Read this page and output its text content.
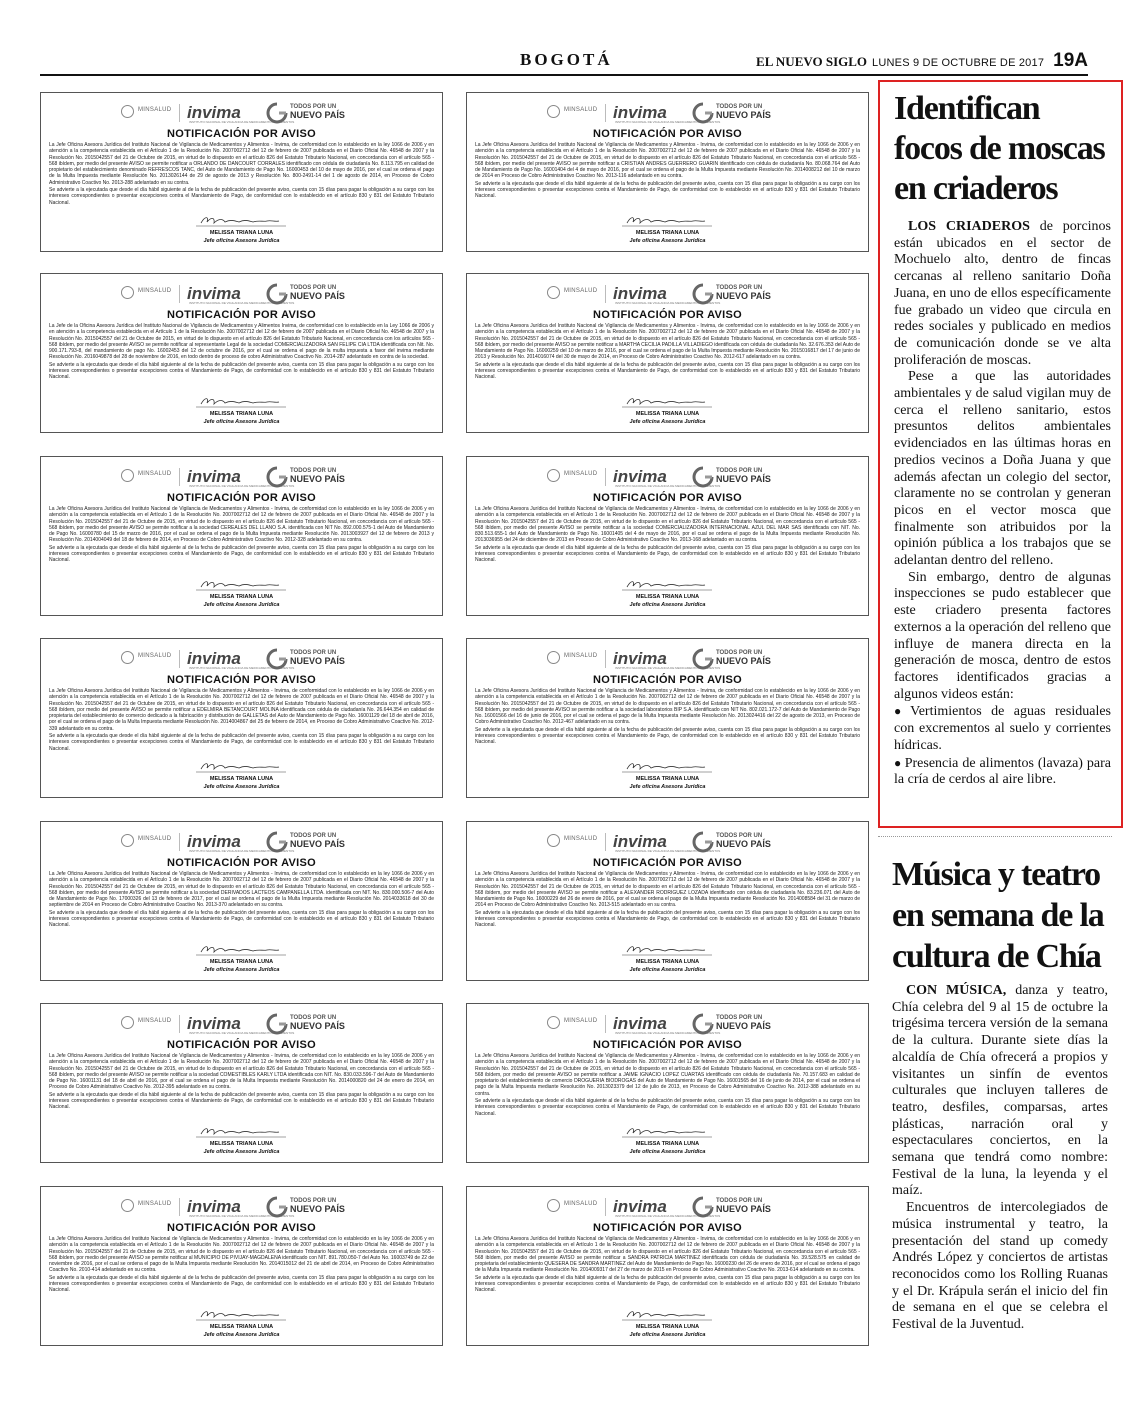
BOGOTÁ	EL NUEVO SIGLO LUNES 9 DE OCTUBRE DE 2017 19A
MINSALUD invima
INSTITUTO NACIONAL DE VIGILANCIA DE MEDICAMENTOS Y ALIMENTOS
TODOS POR UN
NUEVO PAÍS
NOTIFICACIÓN POR AVISO

La Jefe Oficina Asesora Jurídica del Instituto Nacional de Vigilancia de Medicamentos y Alimentos - Invima, de conformidad con lo establecido en la ley 1066 de 2006 y en atención a la competencia establecida en el Artículo 1 de la Resolución No. 2007002712 del 12 de febrero de 2007 publicada en el Diario Oficial No. 46548 de 2007 y la Resolución No. 2015042557 del 21 de Octubre de 2015, en virtud de lo dispuesto en el artículo 826 del Estatuto Tributario Nacional, en concordancia con el artículo 565 - 568 ibídem, por medio del presente AVISO se permite notificar a ORLANDO DE DANCOURT CORRALES identificado con cédula de ciudadanía No. 8.113.795 en calidad de propietario del establecimiento denominado REFRESCOS TANC, del Auto de Mandamiento de Pago No. 16000453 del 10 de mayo de 2016, por el cual se ordena el pago de la Multa Impuesta mediante Resolución No. 2013026144 de 29 de agosto de 2013 y Resolución No. 800-2491-14 del 1 de agosto de 2014, en Proceso de Cobro Administrativo Coactivo No. 2013-288 adelantado en su contra.

Se advierte a la ejecutada que desde el día hábil siguiente al de la fecha de publicación del presente aviso, cuenta con 15 días para pagar la obligación a su cargo con los intereses correspondientes o presentar excepciones contra el Mandamiento de Pago, de conformidad con lo establecido en el artículo 830 y 831 del Estatuto Tributario Nacional.

MELISSA TRIANA LUNA
Jefe oficina Asesora Jurídica
MINSALUD invima
INSTITUTO NACIONAL DE VIGILANCIA DE MEDICAMENTOS Y ALIMENTOS
TODOS POR UN
NUEVO PAÍS
NOTIFICACIÓN POR AVISO

La Jefe Oficina Asesora Jurídica del Instituto Nacional de Vigilancia de Medicamentos y Alimentos - Invima, de conformidad con lo establecido en la ley 1066 de 2006 y en atención a la competencia establecida en el Artículo 1 de la Resolución No. 2007002712 del 12 de febrero de 2007 publicada en el Diario Oficial No. 46548 de 2007 y la Resolución No. 2015042557 del 21 de Octubre de 2015, en virtud de lo dispuesto en el artículo 826 del Estatuto Tributario Nacional, en concordancia con el artículo 565 - 568 ibídem, por medio del presente AVISO se permite notificar a CRISTIAN ANDRES GUERRERO GUARIN identificado con cédula de ciudadanía No. 80.068.764 del Auto de Mandamiento de Pago No. 16001404 del 4 de mayo de 2016, por el cual se ordena el pago de la Multa Impuesta mediante Resolución No. 2014008212 del 10 de marzo de 2014 en Proceso de Cobro Administrativo Coactivo No. 2013-116 adelantado en su contra.

Se advierte a la ejecutada que desde el día hábil siguiente al de la fecha de publicación del presente aviso, cuenta con 15 días para pagar la obligación a su cargo con los intereses correspondientes o presentar excepciones contra el Mandamiento de Pago, de conformidad con lo establecido en el artículo 830 y 831 del Estatuto Tributario Nacional.

MELISSA TRIANA LUNA
Jefe oficina Asesora Jurídica
MINSALUD invima
INSTITUTO NACIONAL DE VIGILANCIA DE MEDICAMENTOS Y ALIMENTOS
TODOS POR UN
NUEVO PAÍS
NOTIFICACIÓN POR AVISO

La Jefe de la Oficina Asesora Jurídica del Instituto Nacional de Vigilancia de Medicamentos y Alimentos Invima, de conformidad con lo establecido en la Ley 1066 de 2006 y en atención a la competencia establecida en el Artículo 1 de la Resolución No. 2007002712 del 12 de febrero de 2007 publicada en el Diario Oficial No. 46548 de 2007 y la Resolución No. 2015042557 del 21 de Octubre de 2015, en virtud de lo dispuesto en el artículo 826 del Estatuto Tributario Nacional, en concordancia con los artículos 565 - 568 ibídem, por medio del presente AVISO se permite notificar al representante Legal de la sociedad COMERCIALIZADORA SAN FELIPE CIA LTDA identificada con Nit. No. 900.171.793-8, del mandamiento de pago No. 16002453 del 12 de octubre de 2016, por el cual se ordena el pago de la multa impuesta a favor del invima mediante Resolución No. 2016049878 del 28 de noviembre de 2016, en todo dentro de proceso de cobro Administrativo Coactivo No. 2014-287 adelantado en contra de la sociedad.

Se advierte a la ejecutada que desde el día hábil siguiente al de la fecha de publicación del presente aviso, cuenta con 15 días para pagar la obligación a su cargo con los intereses correspondientes o presentar excepciones contra el Mandamiento de Pago, de conformidad con lo establecido en el artículo 830 y 831 del Estatuto Tributario Nacional.

MELISSA TRIANA LUNA
Jefe oficina Asesora Jurídica
MINSALUD invima
INSTITUTO NACIONAL DE VIGILANCIA DE MEDICAMENTOS Y ALIMENTOS
TODOS POR UN
NUEVO PAÍS
NOTIFICACIÓN POR AVISO

La Jefe Oficina Asesora Jurídica del Instituto Nacional de Vigilancia de Medicamentos y Alimentos - Invima, de conformidad con lo establecido en la ley 1066 de 2006 y en atención a la competencia establecida en el Artículo 1 de la Resolución No. 2007002712 del 12 de febrero de 2007 publicada en el Diario Oficial No. 46548 de 2007 y la Resolución No. 2015042557 del 21 de Octubre de 2015, en virtud de lo dispuesto en el artículo 826 del Estatuto Tributario Nacional, en concordancia con el artículo 565 - 568 ibídem, por medio del presente AVISO se permite notificar a MARTHA CECILIA PADILLA VILLADIEGO identificada con cédula de ciudadanía No. 32.676.353 del Auto de Mandamiento de Pago No. 16000259 del 10 de marzo de 2016, por el cual se ordena el pago de la Multa Impuesta mediante Resolución No. 2015016817 del 17 de junio de 2013 y Resolución No. 2014016074 del 30 de mayo de 2014, en Proceso de Cobro Administrativo Coactivo No. 2012-617 adelantado en su contra.

Se advierte a la ejecutada que desde el día hábil siguiente al de la fecha de publicación del presente aviso, cuenta con 15 días para pagar la obligación a su cargo con los intereses correspondientes o presentar excepciones contra el Mandamiento de Pago, de conformidad con lo establecido en el artículo 830 y 831 del Estatuto Tributario Nacional.

MELISSA TRIANA LUNA
Jefe oficina Asesora Jurídica
MINSALUD invima
INSTITUTO NACIONAL DE VIGILANCIA DE MEDICAMENTOS Y ALIMENTOS
TODOS POR UN
NUEVO PAÍS
NOTIFICACIÓN POR AVISO

La Jefe Oficina Asesora Jurídica del Instituto Nacional de Vigilancia de Medicamentos y Alimentos - Invima, de conformidad con lo establecido en la ley 1066 de 2006 y en atención a la competencia establecida en el Artículo 1 de la Resolución No. 2007002712 del 12 de febrero de 2007 publicada en el Diario Oficial No. 46548 de 2007 y la Resolución No. 2015042557 del 21 de Octubre de 2015, en virtud de lo dispuesto en el artículo 826 del Estatuto Tributario Nacional, en concordancia con el artículo 565 - 568 ibídem, por medio del presente AVISO se permite notificar a la sociedad CEREALES DEL LLANO S.A. identificada con NIT No. 892.000.575-1 del Auto de Mandamiento de Pago No. 16000780 del 15 de marzo de 2016, por el cual se ordena el pago de la Multa Impuesta mediante Resolución No. 2013003927 del 12 de febrero de 2013 y Resolución No. 2014004049 del 18 de febrero de 2014, en Proceso de Cobro Administrativo Coactivo No. 2012-328 adelantado en su contra.

Se advierte a la ejecutada que desde el día hábil siguiente al de la fecha de publicación del presente aviso, cuenta con 15 días para pagar la obligación a su cargo con los intereses correspondientes o presentar excepciones contra el Mandamiento de Pago, de conformidad con lo establecido en el artículo 830 y 831 del Estatuto Tributario Nacional.

MELISSA TRIANA LUNA
Jefe oficina Asesora Jurídica
MINSALUD invima
INSTITUTO NACIONAL DE VIGILANCIA DE MEDICAMENTOS Y ALIMENTOS
TODOS POR UN
NUEVO PAÍS
NOTIFICACIÓN POR AVISO

La Jefe Oficina Asesora Jurídica del Instituto Nacional de Vigilancia de Medicamentos y Alimentos - Invima, de conformidad con lo establecido en la ley 1066 de 2006 y en atención a la competencia establecida en el Artículo 1 de la Resolución No. 2007002712 del 12 de febrero de 2007 publicada en el Diario Oficial No. 46548 de 2007 y la Resolución No. 2015042557 del 21 de Octubre de 2015, en virtud de lo dispuesto en el artículo 826 del Estatuto Tributario Nacional, en concordancia con el artículo 565 - 568 ibídem, por medio del presente AVISO se permite notificar a la sociedad COMERCIALIZADORA INTERNACIONAL AZUL DEL MAR SAS identificada con NIT. No. 830.513.655-1 del Auto de Mandamiento de Pago No. 16001405 del 4 de mayo de 2016, por el cual se ordena el pago de la Multa Impuesta mediante Resolución No. 2013036955 del 24 de diciembre de 2013 en Proceso de Cobro Administrativo Coactivo No. 2013-168 adelantado en su contra.

Se advierte a la ejecutada que desde el día hábil siguiente al de la fecha de publicación del presente aviso, cuenta con 15 días para pagar la obligación a su cargo con los intereses correspondientes o presentar excepciones contra el Mandamiento de Pago, de conformidad con lo establecido en el artículo 830 y 831 del Estatuto Tributario Nacional.

MELISSA TRIANA LUNA
Jefe oficina Asesora Jurídica
MINSALUD invima
INSTITUTO NACIONAL DE VIGILANCIA DE MEDICAMENTOS Y ALIMENTOS
TODOS POR UN
NUEVO PAÍS
NOTIFICACIÓN POR AVISO

La Jefe Oficina Asesora Jurídica del Instituto Nacional de Vigilancia de Medicamentos y Alimentos - Invima, de conformidad con lo establecido en la ley 1066 de 2006 y en atención a la competencia establecida en el Artículo 1 de la Resolución No. 2007002712 del 12 de febrero de 2007 publicada en el Diario Oficial No. 46548 de 2007 y la Resolución No. 2015042557 del 21 de Octubre de 2015, en virtud de lo dispuesto en el artículo 826 del Estatuto Tributario Nacional, en concordancia con el artículo 565 - 568 ibídem, por medio del presente AVISO se permite notificar a EDELMIRA BETANCOURT MOLINA identificada con cédula de ciudadanía No. 26.644.354 en calidad de propietaria del establecimiento de comercio dedicado a la fabricación y distribución de GALLETAS del Auto de Mandamiento de Pago No. 16001129 del 18 de abril de 2016, por el cual se ordena el pago de la Multa Impuesta mediante Resolución No. 2014004867 del 25 de febrero de 2014, en Proceso de Cobro Administrativo Coactivo No. 2012-339 adelantado en su contra.

Se advierte a la ejecutada que desde el día hábil siguiente al de la fecha de publicación del presente aviso, cuenta con 15 días para pagar la obligación a su cargo con los intereses correspondientes o presentar excepciones contra el Mandamiento de Pago, de conformidad con lo establecido en el artículo 830 y 831 del Estatuto Tributario Nacional.

MELISSA TRIANA LUNA
Jefe oficina Asesora Jurídica
MINSALUD invima
INSTITUTO NACIONAL DE VIGILANCIA DE MEDICAMENTOS Y ALIMENTOS
TODOS POR UN
NUEVO PAÍS
NOTIFICACIÓN POR AVISO

La Jefe Oficina Asesora Jurídica del Instituto Nacional de Vigilancia de Medicamentos y Alimentos - Invima, de conformidad con lo establecido en la ley 1066 de 2006 y en atención a la competencia establecida en el Artículo 1 de la Resolución No. 2007002712 del 12 de febrero de 2007 publicada en el Diario Oficial No. 46548 de 2007 y la Resolución No. 2015042557 del 21 de Octubre de 2015, en virtud de lo dispuesto en el artículo 826 del Estatuto Tributario Nacional, en concordancia con el artículo 565 - 568 ibídem, por medio del presente AVISO se permite notificar a la sociedad laboratorios BIP S.A. identificado con NIT No. 802.021.172-7 del Auto de Mandamiento de Pago No. 16001566 del 16 de junio de 2016, por el cual se ordena el pago de la Multa Impuesta mediante Resolución No. 2013024416 del 22 de agosto de 2013, en Proceso de Cobro Administrativo Coactivo No. 2012-467 adelantado en su contra.

Se advierte a la ejecutada que desde el día hábil siguiente al de la fecha de publicación del presente aviso, cuenta con 15 días para pagar la obligación a su cargo con los intereses correspondientes o presentar excepciones contra el Mandamiento de Pago, de conformidad con lo establecido en el artículo 830 y 831 del Estatuto Tributario Nacional.

MELISSA TRIANA LUNA
Jefe oficina Asesora Jurídica
MINSALUD invima
INSTITUTO NACIONAL DE VIGILANCIA DE MEDICAMENTOS Y ALIMENTOS
TODOS POR UN
NUEVO PAÍS
NOTIFICACIÓN POR AVISO

La Jefe Oficina Asesora Jurídica del Instituto Nacional de Vigilancia de Medicamentos y Alimentos - Invima, de conformidad con lo establecido en la ley 1066 de 2006 y en atención a la competencia establecida en el Artículo 1 de la Resolución No. 2007002712 del 12 de febrero de 2007 publicada en el Diario Oficial No. 46548 de 2007 y la Resolución No. 2015042557 del 21 de Octubre de 2015, en virtud de lo dispuesto en el artículo 826 del Estatuto Tributario Nacional, en concordancia con el artículo 565 - 568 ibídem, por medio del presente AVISO se permite notificar a la sociedad DERIVADOS LACTEOS CAMPANELLA LTDA. identificada con NIT. No. 830.000.506-7 del Auto de Mandamiento de Pago No. 17000326 del 13 de febrero de 2017, por el cual se ordena el pago de la Multa Impuesta mediante Resolución No. 2014033618 del 30 de septiembre de 2014 en Proceso de Cobro Administrativo Coactivo No. 2013-370 adelantado en su contra.

Se advierte a la ejecutada que desde el día hábil siguiente al de la fecha de publicación del presente aviso, cuenta con 15 días para pagar la obligación a su cargo con los intereses correspondientes o presentar excepciones contra el Mandamiento de Pago, de conformidad con lo establecido en el artículo 830 y 831 del Estatuto Tributario Nacional.

MELISSA TRIANA LUNA
Jefe oficina Asesora Jurídica
MINSALUD invima
INSTITUTO NACIONAL DE VIGILANCIA DE MEDICAMENTOS Y ALIMENTOS
TODOS POR UN
NUEVO PAÍS
NOTIFICACIÓN POR AVISO

La Jefe Oficina Asesora Jurídica del Instituto Nacional de Vigilancia de Medicamentos y Alimentos - Invima, de conformidad con lo establecido en la ley 1066 de 2006 y en atención a la competencia establecida en el Artículo 1 de la Resolución No. 2007002712 del 12 de febrero de 2007 publicada en el Diario Oficial No. 46548 de 2007 y la Resolución No. 2015042557 del 21 de Octubre de 2015, en virtud de lo dispuesto en el artículo 826 del Estatuto Tributario Nacional, en concordancia con el artículo 565 - 568 ibídem, por medio del presente AVISO se permite notificar a ALEXANDER RODRIGUEZ LOZADA identificado con cédula de ciudadanía No. 83.236.071 del Auto de Mandamiento de Pago No. 16000229 del 26 de enero de 2016, por el cual se ordena el pago de la Multa Impuesta mediante Resolución No. 2014008584 del 31 de marzo de 2014 en Proceso de Cobro Administrativo Coactivo No. 2013-515 adelantado en su contra.

Se advierte a la ejecutada que desde el día hábil siguiente al de la fecha de publicación del presente aviso, cuenta con 15 días para pagar la obligación a su cargo con los intereses correspondientes o presentar excepciones contra el Mandamiento de Pago, de conformidad con lo establecido en el artículo 830 y 831 del Estatuto Tributario Nacional.

MELISSA TRIANA LUNA
Jefe oficina Asesora Jurídica
MINSALUD invima
INSTITUTO NACIONAL DE VIGILANCIA DE MEDICAMENTOS Y ALIMENTOS
TODOS POR UN
NUEVO PAÍS
NOTIFICACIÓN POR AVISO

La Jefe Oficina Asesora Jurídica del Instituto Nacional de Vigilancia de Medicamentos y Alimentos - Invima, de conformidad con lo establecido en la ley 1066 de 2006 y en atención a la competencia establecida en el Artículo 1 de la Resolución No. 2007002712 del 12 de febrero de 2007 publicada en el Diario Oficial No. 46548 de 2007 y la Resolución No. 2015042557 del 21 de Octubre de 2015, en virtud de lo dispuesto en el artículo 826 del Estatuto Tributario Nacional, en concordancia con el artículo 565 - 568 ibídem, por medio del presente AVISO se permite notificar a la sociedad COMESTIBLES KARLY LTDA identificada con NIT. No. 830.033.596-7 del Auto de Mandamiento de Pago No. 16001131 del 18 de abril de 2016, por el cual se ordena el pago de la Multa Impuesta mediante Resolución No. 2014000820 del 24 de enero de 2014, en Proceso de Cobro Administrativo Coactivo No. 2012-395 adelantado en su contra.

Se advierte a la ejecutada que desde el día hábil siguiente al de la fecha de publicación del presente aviso, cuenta con 15 días para pagar la obligación a su cargo con los intereses correspondientes o presentar excepciones contra el Mandamiento de Pago, de conformidad con lo establecido en el artículo 830 y 831 del Estatuto Tributario Nacional.

MELISSA TRIANA LUNA
Jefe oficina Asesora Jurídica
MINSALUD invima
INSTITUTO NACIONAL DE VIGILANCIA DE MEDICAMENTOS Y ALIMENTOS
TODOS POR UN
NUEVO PAÍS
NOTIFICACIÓN POR AVISO

La Jefe Oficina Asesora Jurídica del Instituto Nacional de Vigilancia de Medicamentos y Alimentos - Invima, de conformidad con lo establecido en la ley 1066 de 2006 y en atención a la competencia establecida en el Artículo 1 de la Resolución No. 2007002712 del 12 de febrero de 2007 publicada en el Diario Oficial No. 46548 de 2007 y la Resolución No. 2015042557 del 21 de Octubre de 2015, en virtud de lo dispuesto en el artículo 826 del Estatuto Tributario Nacional, en concordancia con el artículo 565 - 568 ibídem, por medio del presente AVISO se permite notificar a JAIME IGNACIO LOPEZ CUARTAS identificado con cédula de ciudadanía No. 70.157.683 en calidad de propietario del establecimiento de comercio DROGUERIA BIODROGAS del Auto de Mandamiento de Pago No. 16001565 del 16 de junio de 2014, por el cual se ordena el pago de la Multa Impuesta mediante Resolución No. 2013023379 del 12 de julio de 2013, en Proceso de Cobro Administrativo Coactivo No. 2012-388 adelantado en su contra.

Se advierte a la ejecutada que desde el día hábil siguiente al de la fecha de publicación del presente aviso, cuenta con 15 días para pagar la obligación a su cargo con los intereses correspondientes o presentar excepciones contra el Mandamiento de Pago, de conformidad con lo establecido en el artículo 830 y 831 del Estatuto Tributario Nacional.

MELISSA TRIANA LUNA
Jefe oficina Asesora Jurídica
MINSALUD invima
INSTITUTO NACIONAL DE VIGILANCIA DE MEDICAMENTOS Y ALIMENTOS
TODOS POR UN
NUEVO PAÍS
NOTIFICACIÓN POR AVISO

La Jefe Oficina Asesora Jurídica del Instituto Nacional de Vigilancia de Medicamentos y Alimentos - Invima, de conformidad con lo establecido en la ley 1066 de 2006 y en atención a la competencia establecida en el Artículo 1 de la Resolución No. 2007002712 del 12 de febrero de 2007 publicada en el Diario Oficial No. 46548 de 2007 y la Resolución No. 2015042557 del 21 de Octubre de 2015, en virtud de lo dispuesto en el artículo 826 del Estatuto Tributario Nacional, en concordancia con el artículo 565 - 568 ibídem, por medio del presente AVISO se permite notificar al MUNICIPIO DE PIVIJAY-MAGDALENA identificado con NIT. 891.780.050-7 del Auto No. 16003749 de 22 de noviembre de 2016, por el cual se ordena el pago de la Multa Impuesta mediante Resolución No. 2014015012 del 21 de abril de 2014, en Proceso de Cobro Administrativo Coactivo No. 2010-414 adelantado en su contra.

Se advierte a la ejecutada que desde el día hábil siguiente al de la fecha de publicación del presente aviso, cuenta con 15 días para pagar la obligación a su cargo con los intereses correspondientes o presentar excepciones contra el Mandamiento de Pago, de conformidad con lo establecido en el artículo 830 y 831 del Estatuto Tributario Nacional.

MELISSA TRIANA LUNA
Jefe oficina Asesora Jurídica
MINSALUD invima
INSTITUTO NACIONAL DE VIGILANCIA DE MEDICAMENTOS Y ALIMENTOS
TODOS POR UN
NUEVO PAÍS
NOTIFICACIÓN POR AVISO

La Jefe Oficina Asesora Jurídica del Instituto Nacional de Vigilancia de Medicamentos y Alimentos - Invima, de conformidad con lo establecido en la ley 1066 de 2006 y en atención a la competencia establecida en el Artículo 1 de la Resolución No. 2007002712 del 12 de febrero de 2007 publicada en el Diario Oficial No. 46548 de 2007 y la Resolución No. 2015042557 del 21 de Octubre de 2015, en virtud de lo dispuesto en el artículo 826 del Estatuto Tributario Nacional, en concordancia con el artículo 565 - 568 ibídem, por medio del presente AVISO se permite notificar a SANDRA PATRICIA MARTINEZ identificada con cédula de ciudadanía No. 39.528.575 en calidad de propietaria del establecimiento QUESERA DE SANDRA MARTINEZ del Auto de Mandamiento de Pago No. 16000230 del 26 de enero de 2016, por el cual se ordena el pago de la Multa Impuesta mediante Resolución No. 2014009317 del 27 de marzo de 2015 en Proceso de Cobro Administrativo Coactivo No. 2013-614 adelantado en su contra.

Se advierte a la ejecutada que desde el día hábil siguiente al de la fecha de publicación del presente aviso, cuenta con 15 días para pagar la obligación a su cargo con los intereses correspondientes o presentar excepciones contra el Mandamiento de Pago, de conformidad con lo establecido en el artículo 830 y 831 del Estatuto Tributario Nacional.

MELISSA TRIANA LUNA
Jefe oficina Asesora Jurídica
Identifican focos de moscas en criaderos

LOS CRIADEROS de porcinos están ubicados en el sector de Mochuelo alto, dentro de fincas cercanas al relleno sanitario Doña Juana, en uno de ellos específicamente fue grabado un video que circula en redes sociales y publicado en medios de comunicación donde se ve alta proliferación de moscas.

Pese a que las autoridades ambientales y de salud vigilan muy de cerca el relleno sanitario, estos presuntos delitos ambientales evidenciados en las últimas horas en predios vecinos a Doña Juana y que además afectan un colegio del sector, claramente no se controlan y generan picos en el vector mosca que finalmente son atribuidos por la opinión pública a los trabajos que se adelantan dentro del relleno.

Sin embargo, dentro de algunas inspecciones se pudo establecer que este criadero presenta factores externos a la operación del relleno que influye de manera directa en la generación de mosca, dentro de estos factores identificados gracias a algunos videos están:

● Vertimientos de aguas residuales con excrementos al suelo y corrientes hídricas.

● Presencia de alimentos (lavaza) para la cría de cerdos al aire libre.

Música y teatro en semana de la cultura de Chía

CON MÚSICA, danza y teatro, Chía celebra del 9 al 15 de octubre la trigésima tercera versión de la semana de la cultura. Durante siete días la alcaldía de Chía ofrecerá a propios y visitantes un sinfín de eventos culturales que incluyen talleres de teatro, desfiles, comparsas, artes plásticas, narración oral y espectaculares conciertos, en la semana que tendrá como nombre: Festival de la luna, la leyenda y el maíz.

Encuentros de intercolegiados de música instrumental y teatro, la presentación del stand up comedy Andrés López y conciertos de artistas reconocidos como los Rolling Ruanas y el Dr. Krápula serán el inicio del fin de semana en el que se celebra el Festival de la Juventud.
